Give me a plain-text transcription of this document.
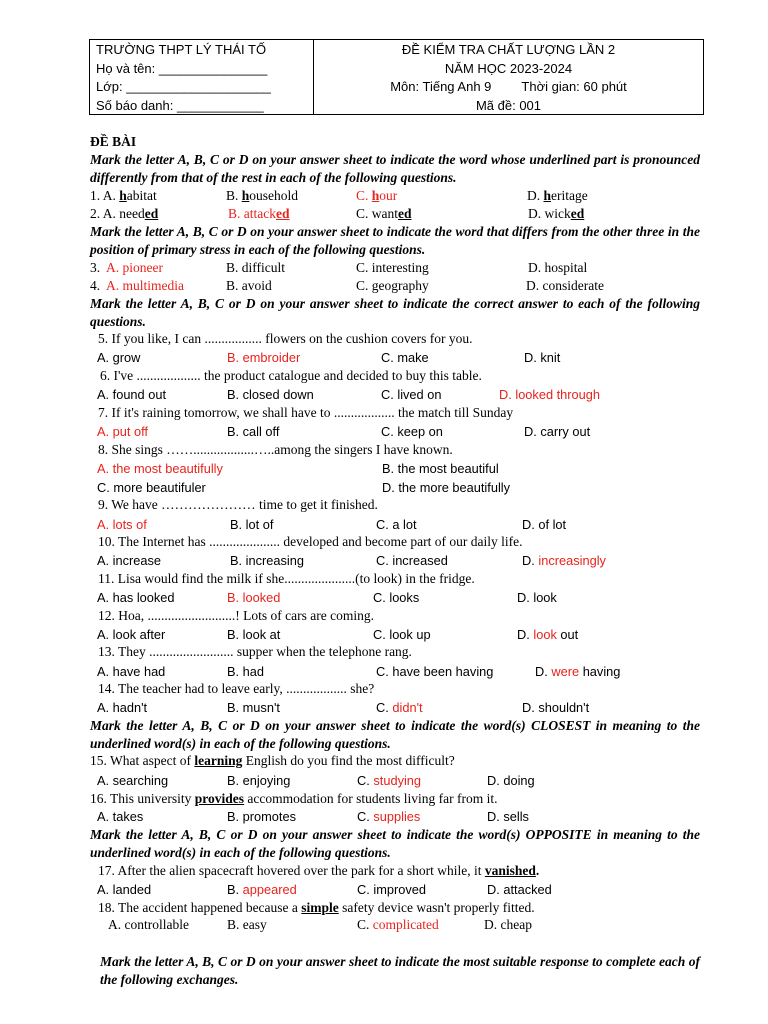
TRƯỜNG THPT LÝ THÁI TỐ
Họ và tên: _______________
Lớp: ____________________
Số báo danh: ____________
ĐỀ KIỂM TRA CHẤT LƯỢNG LẦN 2
NĂM HỌC 2023-2024
Môn: Tiếng Anh 9 Thời gian: 60 phút
Mã đề: 001
ĐỀ BÀI
Mark the letter A, B, C or D on your answer sheet to indicate the word whose underlined part is pronounced differently from that of the rest in each of the following questions.
1. A. habitat	B. household	C. hour	D. heritage
2. A. needed	B. attacked	C. wanted	D. wicked
Mark the letter A, B, C or D on your answer sheet to indicate the word that differs from the other three in the position of primary stress in each of the following questions.
3. A. pioneer	B. difficult	C. interesting	D. hospital
4. A. multimedia	B. avoid	C. geography	D. considerate
Mark the letter A, B, C or D on your answer sheet to indicate the correct answer to each of the following questions.
5. If you like, I can ................. flowers on the cushion covers for you.
A. grow	B. embroider	C. make	D. knit
6. I've ................... the product catalogue and decided to buy this table.
A. found out	B. closed down	C. lived on	D. looked through
7. If it's raining tomorrow, we shall have to .................. the match till Sunday
A. put off	B. call off	C. keep on	D. carry out
8. She sings ……..................…..among the singers I have known.
A. the most beautifully	B. the most beautiful
C. more beautifuler	D. the more beautifully
9. We have ………………… time to get it finished.
A. lots of	B. lot of	C. a lot	D. of lot
10. The Internet has ..................... developed and become part of our daily life.
A. increase	B. increasing	C. increased	D. increasingly
11. Lisa would find the milk if she.....................(to look) in the fridge.
A. has looked	B. looked	C. looks	D. look
12. Hoa, ..........................! Lots of cars are coming.
A. look after	B. look at	C. look up	D. look out
13. They ......................... supper when the telephone rang.
A. have had	B. had	C. have been having	D. were having
14. The teacher had to leave early, .................. she?
A. hadn't	B. musn't	C. didn't	D. shouldn't
Mark the letter A, B, C or D on your answer sheet to indicate the word(s) CLOSEST in meaning to the underlined word(s) in each of the following questions.
15. What aspect of learning English do you find the most difficult?
A. searching	B. enjoying	C. studying	D. doing
16. This university provides accommodation for students living far from it.
A. takes	B. promotes	C. supplies	D. sells
Mark the letter A, B, C or D on your answer sheet to indicate the word(s) OPPOSITE in meaning to the underlined word(s) in each of the following questions.
17. After the alien spacecraft hovered over the park for a short while, it vanished.
A. landed	B. appeared	C. improved	D. attacked
18. The accident happened because a simple safety device wasn't properly fitted.
A. controllable	B. easy	C. complicated	D. cheap
Mark the letter A, B, C or D on your answer sheet to indicate the most suitable response to complete each of the following exchanges.
